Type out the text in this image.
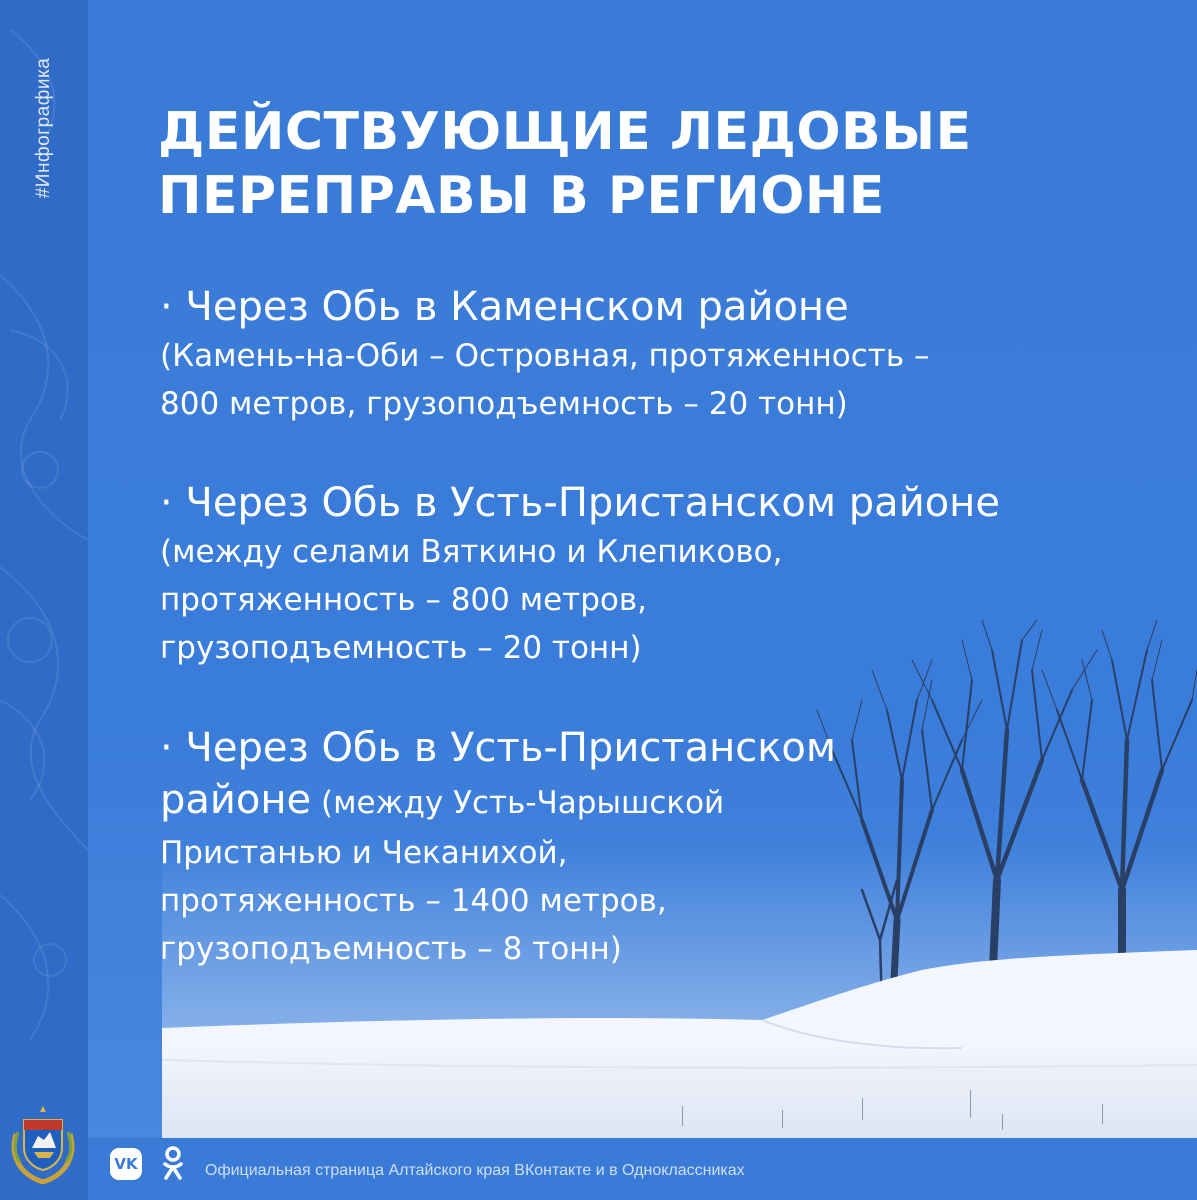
#Инфографика ДЕЙСТВУЮЩИЕ ЛЕДОВЫЕ
ПЕРЕПРАВЫ В РЕГИОНЕ
· Через Обь в Каменском районе
(Камень-на-Оби – Островная, протяженность –
800 метров, грузоподъемность – 20 тонн)
· Через Обь в Усть-Пристанском районе
(между селами Вяткино и Клепиково,
протяженность – 800 метров,
грузоподъемность – 20 тонн)
· Через Обь в Усть-Пристанском
районе (между Усть-Чарышской
Пристанью и Чеканихой,
протяженность – 1400 метров,
грузоподъемность – 8 тонн)
VK	Официальная страница Алтайского края ВКонтакте и в Одноклассниках
